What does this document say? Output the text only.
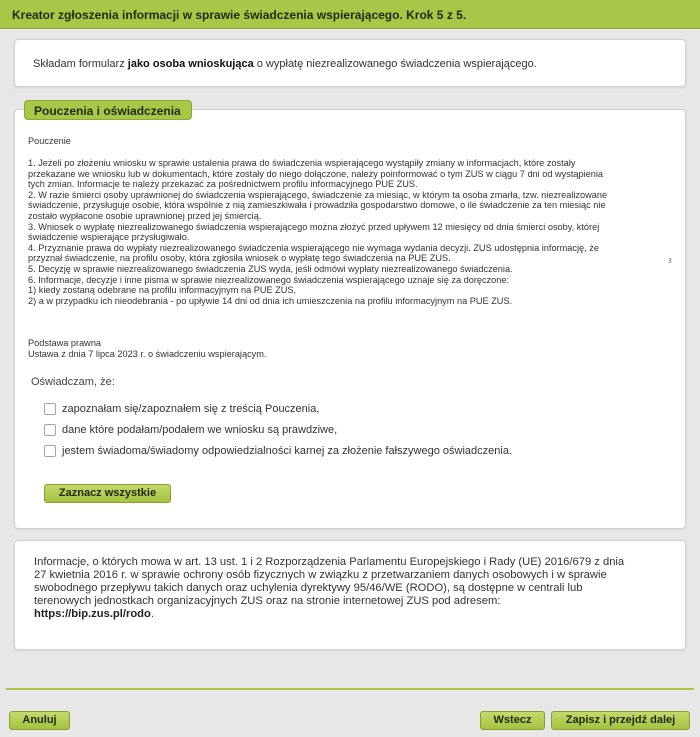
Kreator zgłoszenia informacji w sprawie świadczenia wspierającego. Krok 5 z 5.
Składam formularz jako osoba wnioskująca o wypłatę niezrealizowanego świadczenia wspierającego.
Pouczenia i oświadczenia
Pouczenie
1. Jeżeli po złożeniu wniosku w sprawie ustalenia prawa do świadczenia wspierającego wystąpiły zmiany w informacjach, które zostały
przekazane we wniosku lub w dokumentach, które zostały do niego dołączone, należy poinformować o tym ZUS w ciągu 7 dni od wystąpienia
tych zmian. Informacje te należy przekazać za pośrednictwem profilu informacyjnego PUE ZUS.
2. W razie śmierci osoby uprawnionej do świadczenia wspierającego, świadczenie za miesiąc, w którym ta osoba zmarła, tzw. niezrealizowane
świadczenie, przysługuje osobie, która wspólnie z nią zamieszkiwała i prowadziła gospodarstwo domowe, o ile świadczenie za ten miesiąc nie
zostało wypłacone osobie uprawnionej przed jej śmiercią.
3. Wniosek o wypłatę niezrealizowanego świadczenia wspierającego można złożyć przed upływem 12 miesięcy od dnia śmierci osoby, której
świadczenie wspierające przysługiwało.
4. Przyznanie prawa do wypłaty niezrealizowanego świadczenia wspierającego nie wymaga wydania decyzji. ZUS udostępnia informację, że
przyznał świadczenie, na profilu osoby, która zgłosiła wniosek o wypłatę tego świadczenia na PUE ZUS.
5. Decyzję w sprawie niezrealizowanego świadczenia ZUS wyda, jeśli odmówi wypłaty niezrealizowanego świadczenia.
6. Informacje, decyzje i inne pisma w sprawie niezrealizowanego świadczenia wspierającego uznaje się za doręczone:
1) kiedy zostaną odebrane na profilu informacyjnym na PUE ZUS,
2) a w przypadku ich nieodebrania - po upływie 14 dni od dnia ich umieszczenia na profilu informacyjnym na PUE ZUS.
3
Podstawa prawna
Ustawa z dnia 7 lipca 2023 r. o świadczeniu wspierającym.
Oświadczam, że:
zapoznałam się/zapoznałem się z treścią Pouczenia,
dane które podałam/podałem we wniosku są prawdziwe,
jestem świadoma/świadomy odpowiedzialności karnej za złożenie fałszywego oświadczenia.
Zaznacz wszystkie
Informacje, o których mowa w art. 13 ust. 1 i 2 Rozporządzenia Parlamentu Europejskiego i Rady (UE) 2016/679 z dnia
27 kwietnia 2016 r. w sprawie ochrony osób fizycznych w związku z przetwarzaniem danych osobowych i w sprawie
swobodnego przepływu takich danych oraz uchylenia dyrektywy 95/46/WE (RODO), są dostępne w centrali lub
terenowych jednostkach organizacyjnych ZUS oraz na stronie internetowej ZUS pod adresem:
https://bip.zus.pl/rodo.
Anuluj	Wstecz	Zapisz i przejdź dalej
